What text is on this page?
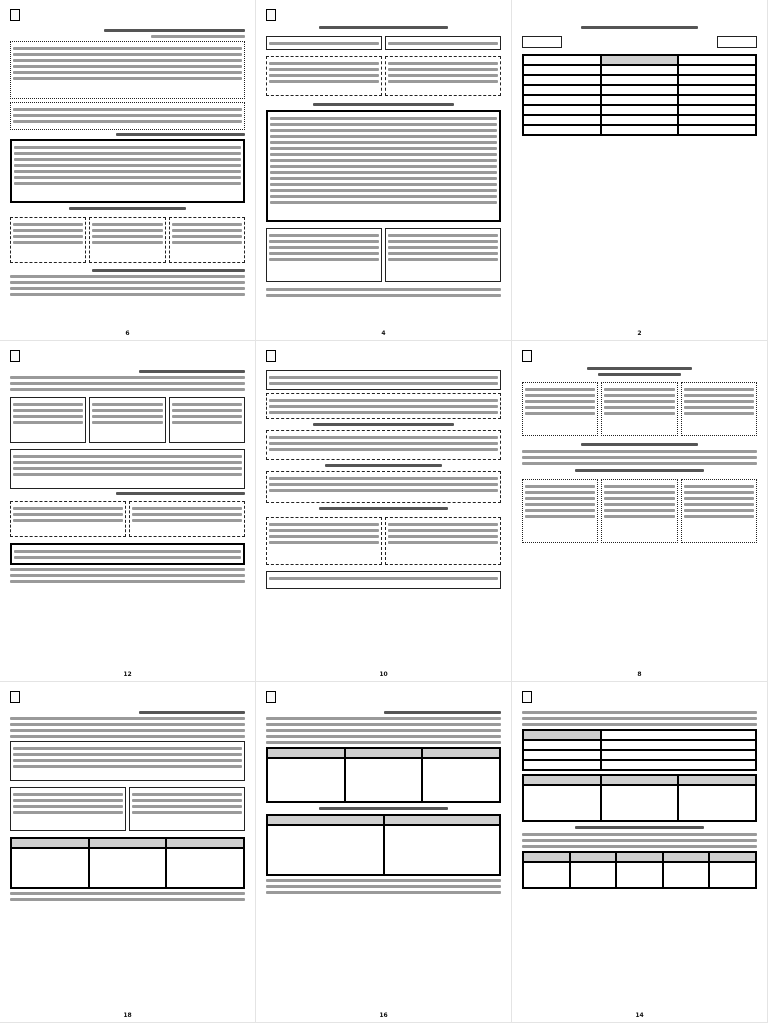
6	4	2
12	10	8
18	16	14
